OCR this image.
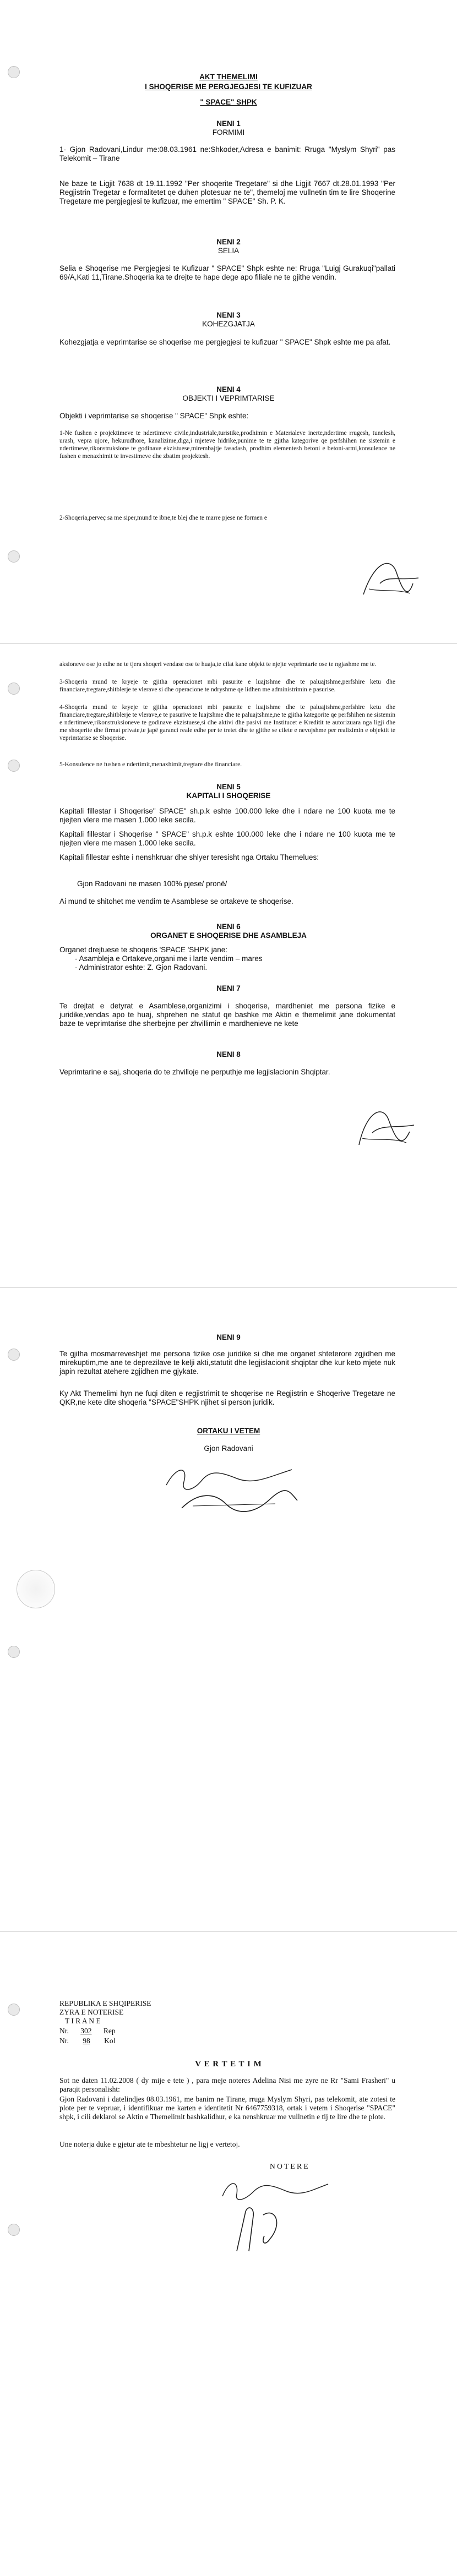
AKT THEMELIMI
I SHOQERISE ME PERGJEGJESI TE KUFIZUAR
" SPACE" SHPK
NENI 1
FORMIMI
1- Gjon Radovani,Lindur me:08.03.1961 ne:Shkoder,Adresa e banimit: Rruga "Myslym Shyri" pas Telekomit – Tirane
Ne baze te Ligjit 7638 dt 19.11.1992 "Per shoqerite Tregetare" si dhe Ligjit 7667 dt.28.01.1993 "Per Regjistrin Tregetar e formalitetet qe duhen plotesuar ne te", themeloj me vullnetin tim te lire Shoqerine Tregetare me pergjegjesi te kufizuar, me emertim " SPACE" Sh. P. K.
NENI 2
SELIA
Selia e Shoqerise me Pergjegjesi te Kufizuar " SPACE" Shpk eshte ne: Rruga "Luigj Gurakuqi"pallati 69/A,Kati 11,Tirane.Shoqeria ka te drejte te hape dege apo filiale ne te gjithe vendin.
NENI 3
KOHEZGJATJA
Kohezgjatja e veprimtarise se shoqerise me pergjegjesi te kufizuar " SPACE" Shpk eshte me pa afat.
NENI 4
OBJEKTI I VEPRIMTARISE
Objekti i veprimtarise se shoqerise " SPACE" Shpk eshte:
1-Ne fushen e projektimeve te ndertimeve civile,industriale,turistike,prodhimin e Materialeve inerte,ndertime rrugesh, tunelesh, urash, vepra ujore, hekurudhore, kanalizime,diga,i mjeteve hidrike,punime te te gjitha kategorive qe perfshihen ne sistemin e ndertimeve,rikonstruksione te godinave ekzistuese,mirembajtje fasadash, prodhim elementesh betoni e betoni-armi,konsulence ne fushen e menaxhimit te investimeve dhe zbatim projektesh.
2-Shoqeria,perveç sa me siper,mund te ibne,te blej dhe te marre pjese ne formen e
aksioneve ose jo edhe ne te tjera shoqeri vendase ose te huaja,te cilat kane objekt te njejte veprimtarie ose te ngjashme me te.
3-Shoqeria mund te kryeje te gjitha operacionet mbi pasurite e luajtshme dhe te paluajtshme,perfshire ketu dhe financiare,tregtare,shitblerje te vlerave si dhe operacione te ndryshme qe lidhen me administrimin e pasurise.
4-Shoqeria mund te kryeje te gjitha operacionet mbi pasurite e luajtshme dhe te paluajtshme,perfshire ketu dhe financiare,tregtare,shitblerje te vlerave,e te pasurive te luajtshme dhe te paluajtshme,ne te gjitha kategorite qe perfshihen ne sistemin e ndertimeve,rikonstruksioneve te godinave ekzistuese,si dhe aktivi dhe pasivi me Institucet e Kreditit te autorizuara nga ligji dhe me shoqerite dhe firmat private,te japë garanci reale edhe per te tretet dhe te gjithe se cilete e nevojshme per realizimin e objektit te veprimtarise se Shoqerise.
5-Konsulence ne fushen e ndertimit,menaxhimit,tregtare dhe financiare.
NENI 5
KAPITALI I SHOQERISE
Kapitali fillestar i Shoqerise" SPACE" sh.p.k eshte 100.000 leke dhe i ndare ne 100 kuota me te njejten vlere me masen 1.000 leke secila.
Kapitali fillestar i Shoqerise " SPACE" sh.p.k eshte 100.000 leke dhe i ndare ne 100 kuota me te njejten vlere me masen 1.000 leke secila.
Kapitali fillestar eshte i nenshkruar dhe shlyer teresisht nga Ortaku Themelues:
Gjon Radovani ne masen 100% pjese/ pronë/
Ai mund te shitohet me vendim te Asamblese se ortakeve te shoqerise.
NENI 6
ORGANET E SHOQERISE DHE ASAMBLEJA
Organet drejtuese te shoqeris 'SPACE 'SHPK jane:
- Asambleja e Ortakeve,organi me i larte vendim – mares
- Administrator eshte: Z. Gjon Radovani.
NENI 7
Te drejtat e detyrat e Asamblese,organizimi i shoqerise, mardheniet me persona fizike e juridike,vendas apo te huaj, shprehen ne statut qe bashke me Aktin e themelimit jane dokumentat baze te veprimtarise dhe sherbejne per zhvillimin e mardhenieve ne kete
NENI 8
Veprimtarine e saj, shoqeria do te zhvilloje ne perputhje me legjislacionin Shqiptar.
NENI 9
Te gjitha mosmarreveshjet me persona fizike ose juridike si dhe me organet shteterore zgjidhen me mirekuptim,me ane te deprezilave te kelji akti,statutit dhe legjislacionit shqiptar dhe kur keto mjete nuk japin rezultat atehere zgjidhen me gjykate.
Ky Akt Themelimi hyn ne fuqi diten e regjistrimit te shoqerise ne Regjistrin e Shoqerive Tregetare ne QKR,ne kete dite shoqeria "SPACE"SHPK njihet si person juridik.
ORTAKU I VETEM
Gjon Radovani
REPUBLIKA E SHQIPERISE
ZYRA E NOTERISE
T I R A N E
Nr. 302 Rep
Nr. 98 Kol
V E R T E T I M
Sot ne daten 11.02.2008 ( dy mije e tete ) , para meje noteres Adelina Nisi me zyre ne Rr "Sami Frasheri" u paraqit personalisht:
Gjon Radovani i datelindjes 08.03.1961, me banim ne Tirane, rruga Myslym Shyri, pas telekomit, ate zotesi te plote per te vepruar, i identifikuar me karten e identitetit Nr 6467759318, ortak i vetem i Shoqerise "SPACE" shpk, i cili deklaroi se Aktin e Themelimit bashkalidhur, e ka nenshkruar me vullnetin e tij te lire dhe te plote.
Une noterja duke e gjetur ate te mbeshtetur ne ligj e vertetoj.
N O T E R E
